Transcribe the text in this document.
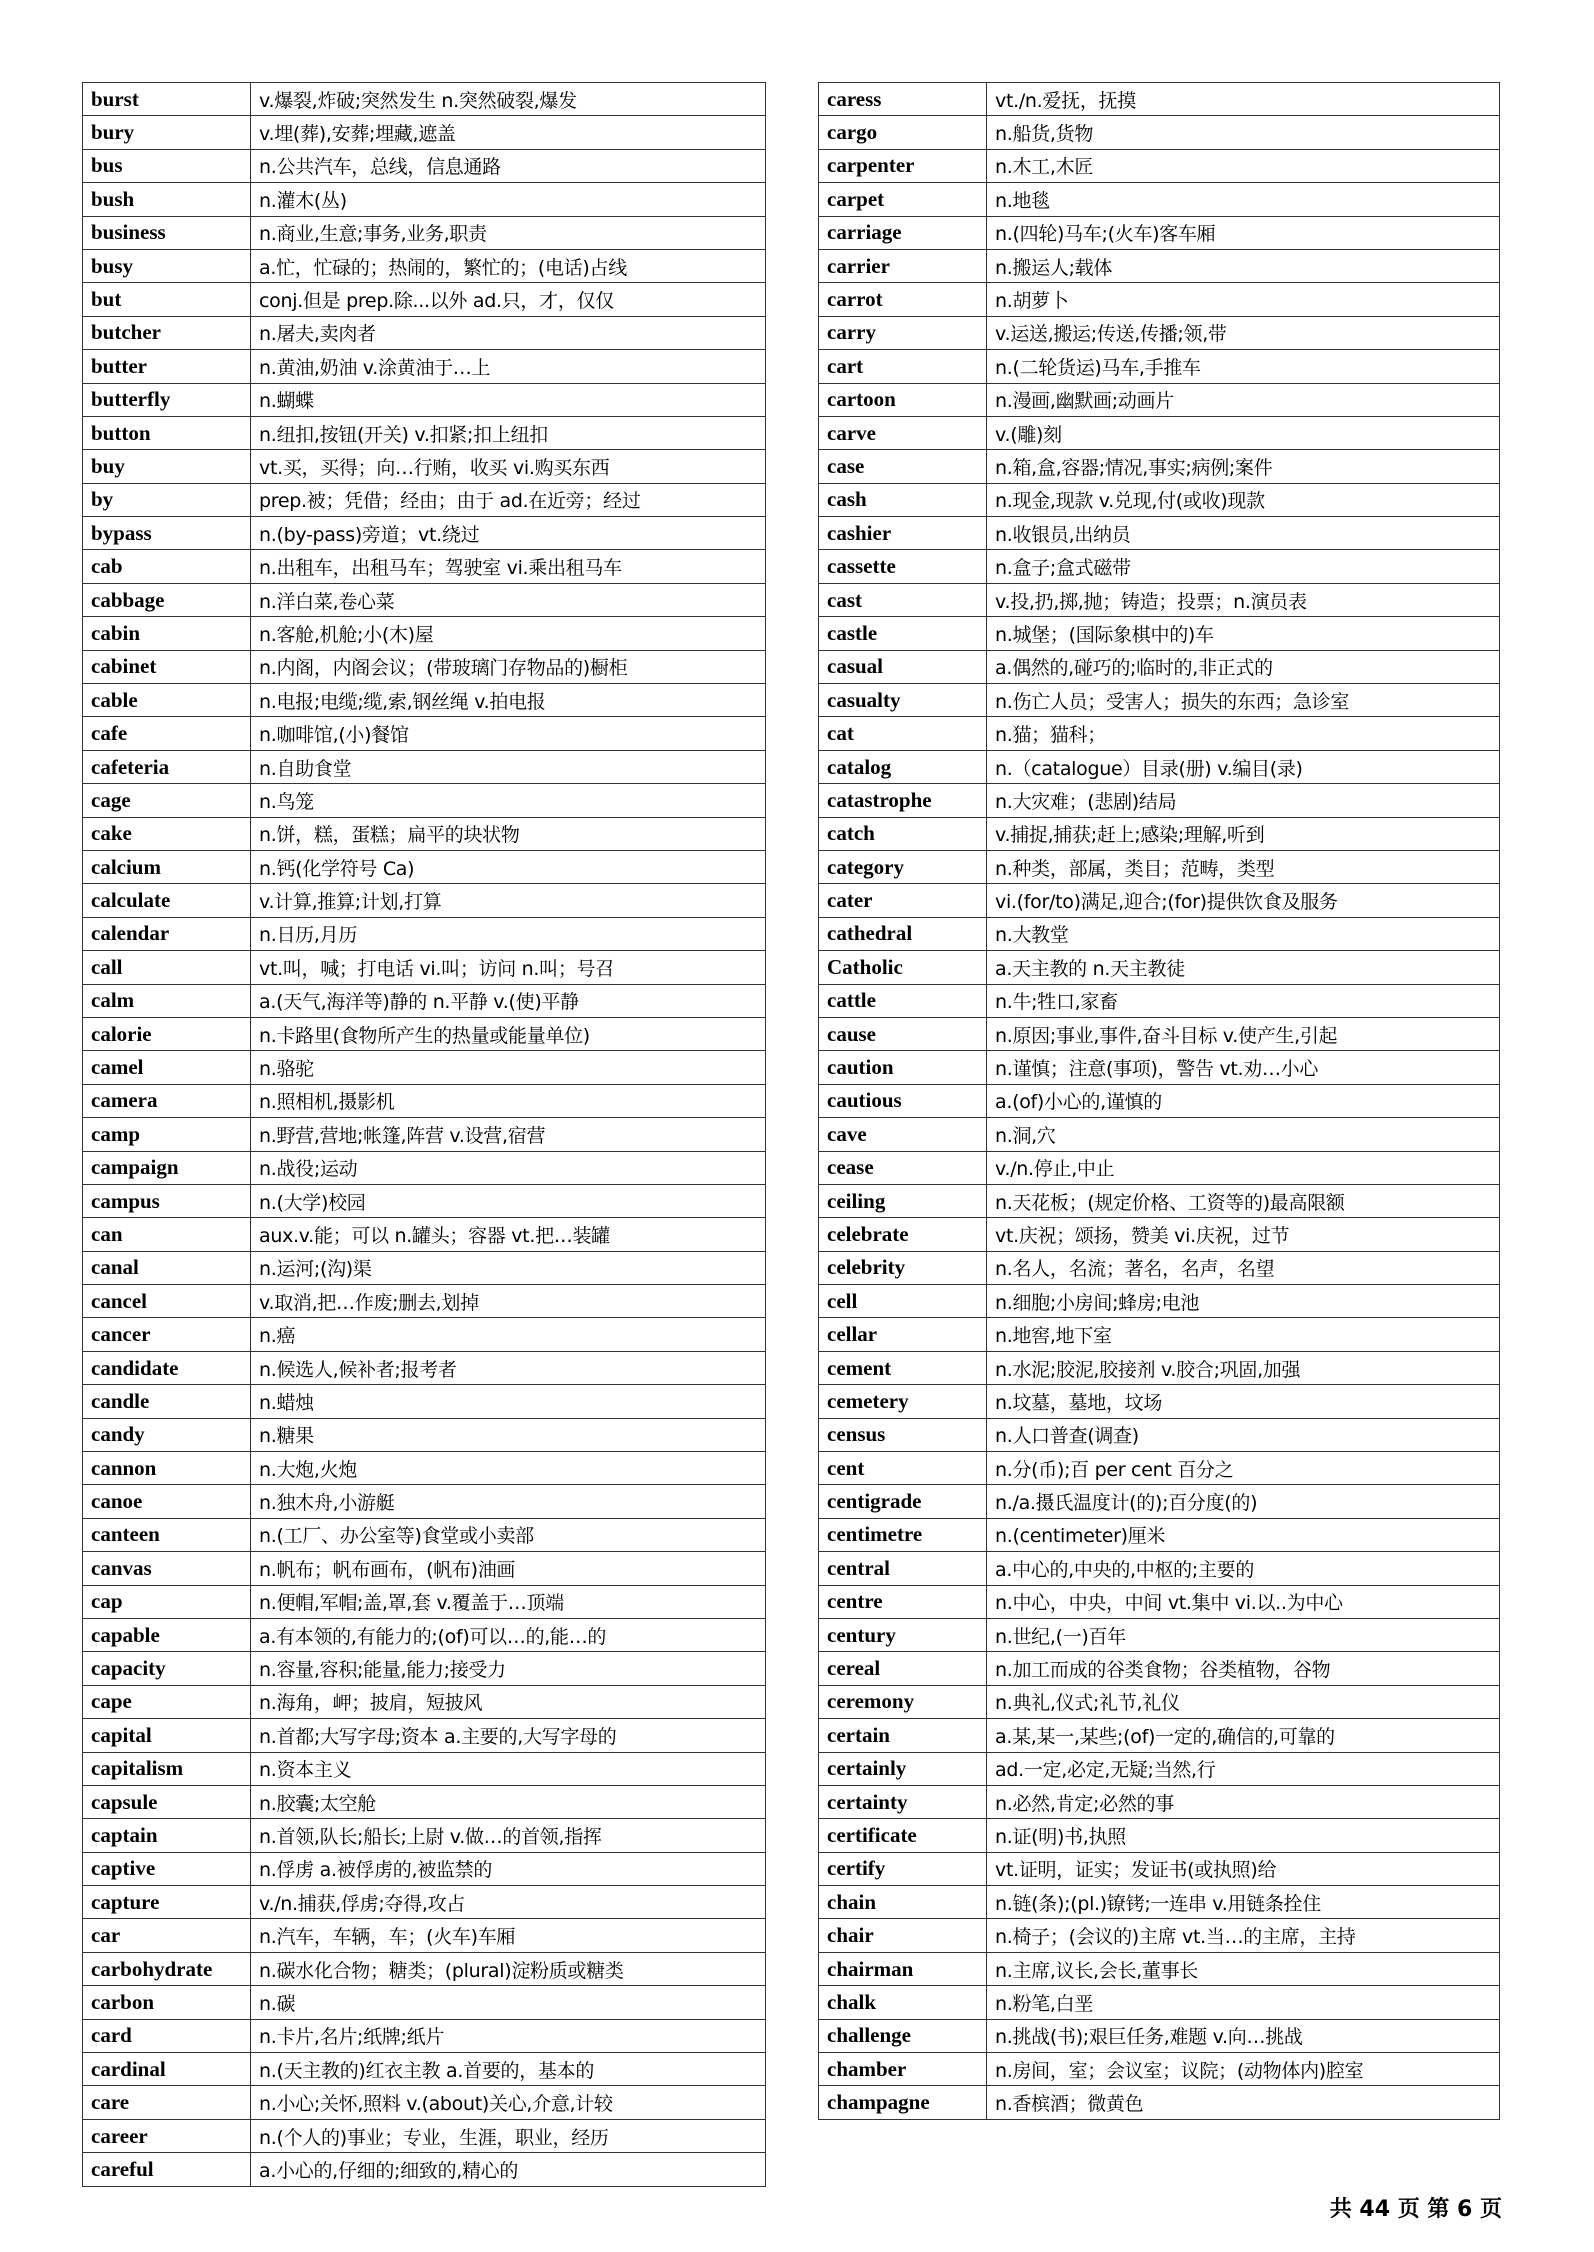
burst	v.爆裂,炸破;突然发生 n.突然破裂,爆发
bury	v.埋(葬),安葬;埋藏,遮盖
bus	n.公共汽车，总线，信息通路
bush	n.灌木(丛)
business	n.商业,生意;事务,业务,职责
busy	a.忙，忙碌的；热闹的，繁忙的；(电话)占线
but	conj.但是 prep.除...以外 ad.只，才，仅仅
butcher	n.屠夫,卖肉者
butter	n.黄油,奶油 v.涂黄油于…上
butterfly	n.蝴蝶
button	n.纽扣,按钮(开关) v.扣紧;扣上纽扣
buy	vt.买，买得；向…行贿，收买 vi.购买东西
by	prep.被；凭借；经由；由于 ad.在近旁；经过
bypass	n.(by-pass)旁道；vt.绕过
cab	n.出租车，出租马车；驾驶室 vi.乘出租马车
cabbage	n.洋白菜,卷心菜
cabin	n.客舱,机舱;小(木)屋
cabinet	n.内阁，内阁会议；(带玻璃门存物品的)橱柜
cable	n.电报;电缆;缆,索,钢丝绳 v.拍电报
cafe	n.咖啡馆,(小)餐馆
cafeteria	n.自助食堂
cage	n.鸟笼
cake	n.饼，糕，蛋糕；扁平的块状物
calcium	n.钙(化学符号 Ca)
calculate	v.计算,推算;计划,打算
calendar	n.日历,月历
call	vt.叫，喊；打电话 vi.叫；访问 n.叫；号召
calm	a.(天气,海洋等)静的 n.平静 v.(使)平静
calorie	n.卡路里(食物所产生的热量或能量单位)
camel	n.骆驼
camera	n.照相机,摄影机
camp	n.野营,营地;帐篷,阵营 v.设营,宿营
campaign	n.战役;运动
campus	n.(大学)校园
can	aux.v.能；可以 n.罐头；容器 vt.把…装罐
canal	n.运河;(沟)渠
cancel	v.取消,把…作废;删去,划掉
cancer	n.癌
candidate	n.候选人,候补者;报考者
candle	n.蜡烛
candy	n.糖果
cannon	n.大炮,火炮
canoe	n.独木舟,小游艇
canteen	n.(工厂、办公室等)食堂或小卖部
canvas	n.帆布；帆布画布，(帆布)油画
cap	n.便帽,军帽;盖,罩,套 v.覆盖于…顶端
capable	a.有本领的,有能力的;(of)可以…的,能…的
capacity	n.容量,容积;能量,能力;接受力
cape	n.海角，岬；披肩，短披风
capital	n.首都;大写字母;资本 a.主要的,大写字母的
capitalism	n.资本主义
capsule	n.胶囊;太空舱
captain	n.首领,队长;船长;上尉 v.做…的首领,指挥
captive	n.俘虏 a.被俘虏的,被监禁的
capture	v./n.捕获,俘虏;夺得,攻占
car	n.汽车，车辆，车；(火车)车厢
carbohydrate	n.碳水化合物；糖类；(plural)淀粉质或糖类
carbon	n.碳
card	n.卡片,名片;纸牌;纸片
cardinal	n.(天主教的)红衣主教 a.首要的，基本的
care	n.小心;关怀,照料 v.(about)关心,介意,计较
career	n.(个人的)事业；专业，生涯，职业，经历
careful	a.小心的,仔细的;细致的,精心的
caress	vt./n.爱抚，抚摸
cargo	n.船货,货物
carpenter	n.木工,木匠
carpet	n.地毯
carriage	n.(四轮)马车;(火车)客车厢
carrier	n.搬运人;载体
carrot	n.胡萝卜
carry	v.运送,搬运;传送,传播;领,带
cart	n.(二轮货运)马车,手推车
cartoon	n.漫画,幽默画;动画片
carve	v.(雕)刻
case	n.箱,盒,容器;情况,事实;病例;案件
cash	n.现金,现款 v.兑现,付(或收)现款
cashier	n.收银员,出纳员
cassette	n.盒子;盒式磁带
cast	v.投,扔,掷,抛；铸造；投票；n.演员表
castle	n.城堡；(国际象棋中的)车
casual	a.偶然的,碰巧的;临时的,非正式的
casualty	n.伤亡人员；受害人；损失的东西；急诊室
cat	n.猫；猫科；
catalog	n.（catalogue）目录(册) v.编目(录)
catastrophe	n.大灾难；(悲剧)结局
catch	v.捕捉,捕获;赶上;感染;理解,听到
category	n.种类，部属，类目；范畴，类型
cater	vi.(for/to)满足,迎合;(for)提供饮食及服务
cathedral	n.大教堂
Catholic	a.天主教的 n.天主教徒
cattle	n.牛;牲口,家畜
cause	n.原因;事业,事件,奋斗目标 v.使产生,引起
caution	n.谨慎；注意(事项)，警告 vt.劝…小心
cautious	a.(of)小心的,谨慎的
cave	n.洞,穴
cease	v./n.停止,中止
ceiling	n.天花板；(规定价格、工资等的)最高限额
celebrate	vt.庆祝；颂扬，赞美 vi.庆祝，过节
celebrity	n.名人，名流；著名，名声，名望
cell	n.细胞;小房间;蜂房;电池
cellar	n.地窖,地下室
cement	n.水泥;胶泥,胶接剂 v.胶合;巩固,加强
cemetery	n.坟墓，墓地，坟场
census	n.人口普查(调查)
cent	n.分(币);百 per cent 百分之
centigrade	n./a.摄氏温度计(的);百分度(的)
centimetre	n.(centimeter)厘米
central	a.中心的,中央的,中枢的;主要的
centre	n.中心，中央，中间 vt.集中 vi.以..为中心
century	n.世纪,(一)百年
cereal	n.加工而成的谷类食物；谷类植物，谷物
ceremony	n.典礼,仪式;礼节,礼仪
certain	a.某,某一,某些;(of)一定的,确信的,可靠的
certainly	ad.一定,必定,无疑;当然,行
certainty	n.必然,肯定;必然的事
certificate	n.证(明)书,执照
certify	vt.证明，证实；发证书(或执照)给
chain	n.链(条);(pl.)镣铐;一连串 v.用链条拴住
chair	n.椅子；(会议的)主席 vt.当…的主席，主持
chairman	n.主席,议长,会长,董事长
chalk	n.粉笔,白垩
challenge	n.挑战(书);艰巨任务,难题 v.向…挑战
chamber	n.房间，室；会议室；议院；(动物体内)腔室
champagne	n.香槟酒；微黄色
共 44 页 第 6 页
